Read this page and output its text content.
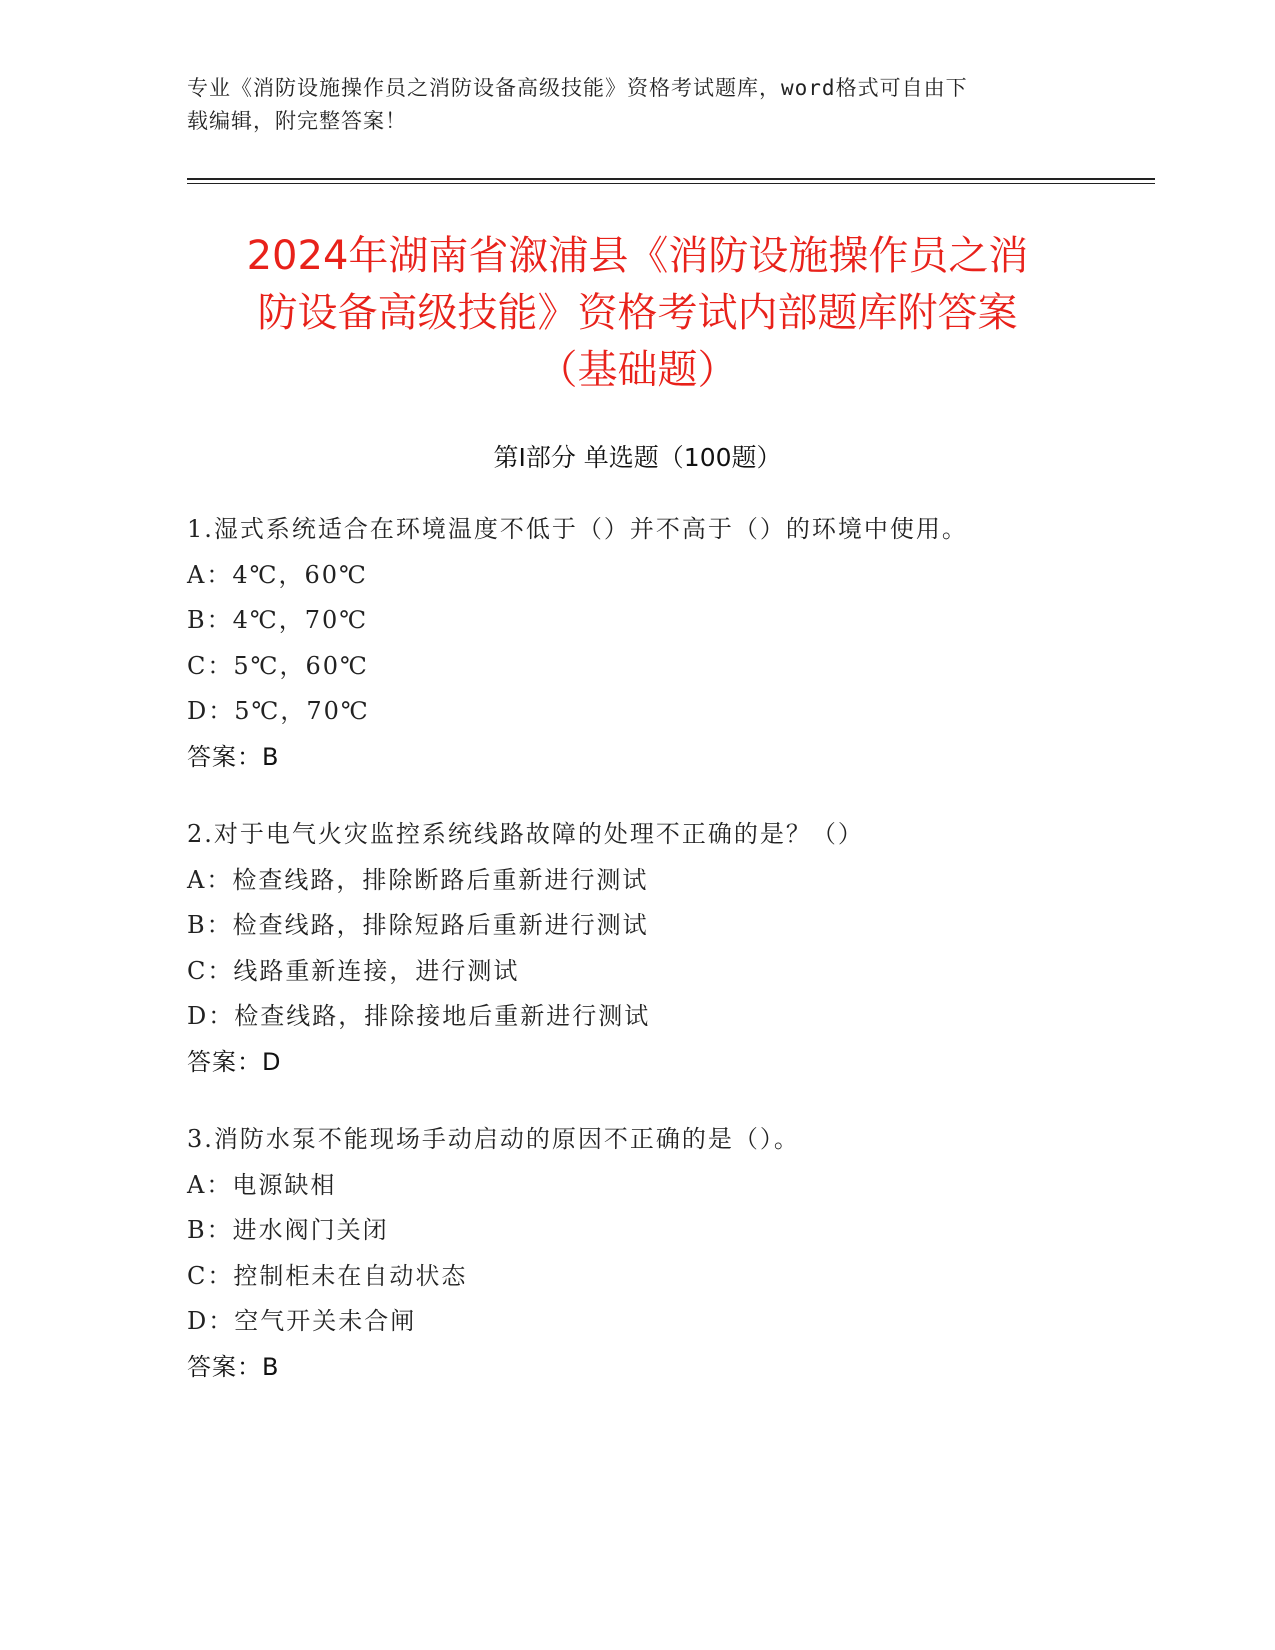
专业《消防设施操作员之消防设备高级技能》资格考试题库，word格式可自由下
载编辑，附完整答案！
2024年湖南省溆浦县《消防设施操作员之消
防设备高级技能》资格考试内部题库附答案
（基础题）
第Ⅰ部分 单选题（100题）
1.湿式系统适合在环境温度不低于（）并不高于（）的环境中使用。
A：4℃，60℃
B：4℃，70℃
C：5℃，60℃
D：5℃，70℃
答案：B
2.对于电气火灾监控系统线路故障的处理不正确的是？（）
A：检查线路，排除断路后重新进行测试
B：检查线路，排除短路后重新进行测试
C：线路重新连接，进行测试
D：检查线路，排除接地后重新进行测试
答案：D
3.消防水泵不能现场手动启动的原因不正确的是（）。
A：电源缺相
B：进水阀门关闭
C：控制柜未在自动状态
D：空气开关未合闸
答案：B
